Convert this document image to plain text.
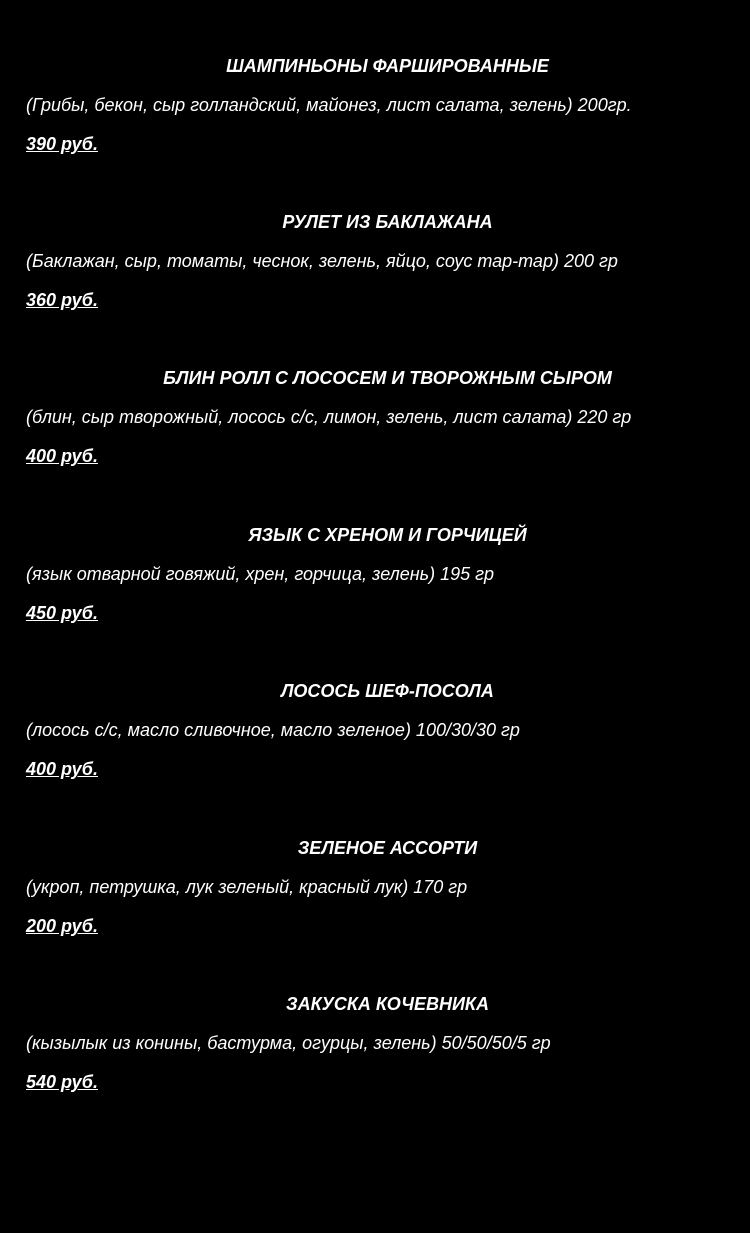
ШАМПИНЬОНЫ ФАРШИРОВАННЫЕ

(Грибы, бекон, сыр голландский, майонез, лист салата, зелень) 200гр.

390 руб.

РУЛЕТ ИЗ БАКЛАЖАНА

(Баклажан, сыр, томаты, чеснок, зелень, яйцо, соус тар-тар) 200 гр

360 руб.

БЛИН РОЛЛ С ЛОСОСЕМ И ТВОРОЖНЫМ СЫРОМ

(блин, сыр творожный, лосось с/с, лимон, зелень, лист салата) 220 гр

400 руб.

ЯЗЫК С ХРЕНОМ И ГОРЧИЦЕЙ

(язык отварной говяжий, хрен, горчица, зелень) 195 гр

450 руб.

ЛОСОСЬ ШЕФ-ПОСОЛА

(лосось с/с, масло сливочное, масло зеленое) 100/30/30 гр

400 руб.

ЗЕЛЕНОЕ АССОРТИ

(укроп, петрушка, лук зеленый, красный лук) 170 гр

200 руб.

ЗАКУСКА КОЧЕВНИКА

(кызылык из конины, бастурма, огурцы, зелень) 50/50/50/5 гр

540 руб.
